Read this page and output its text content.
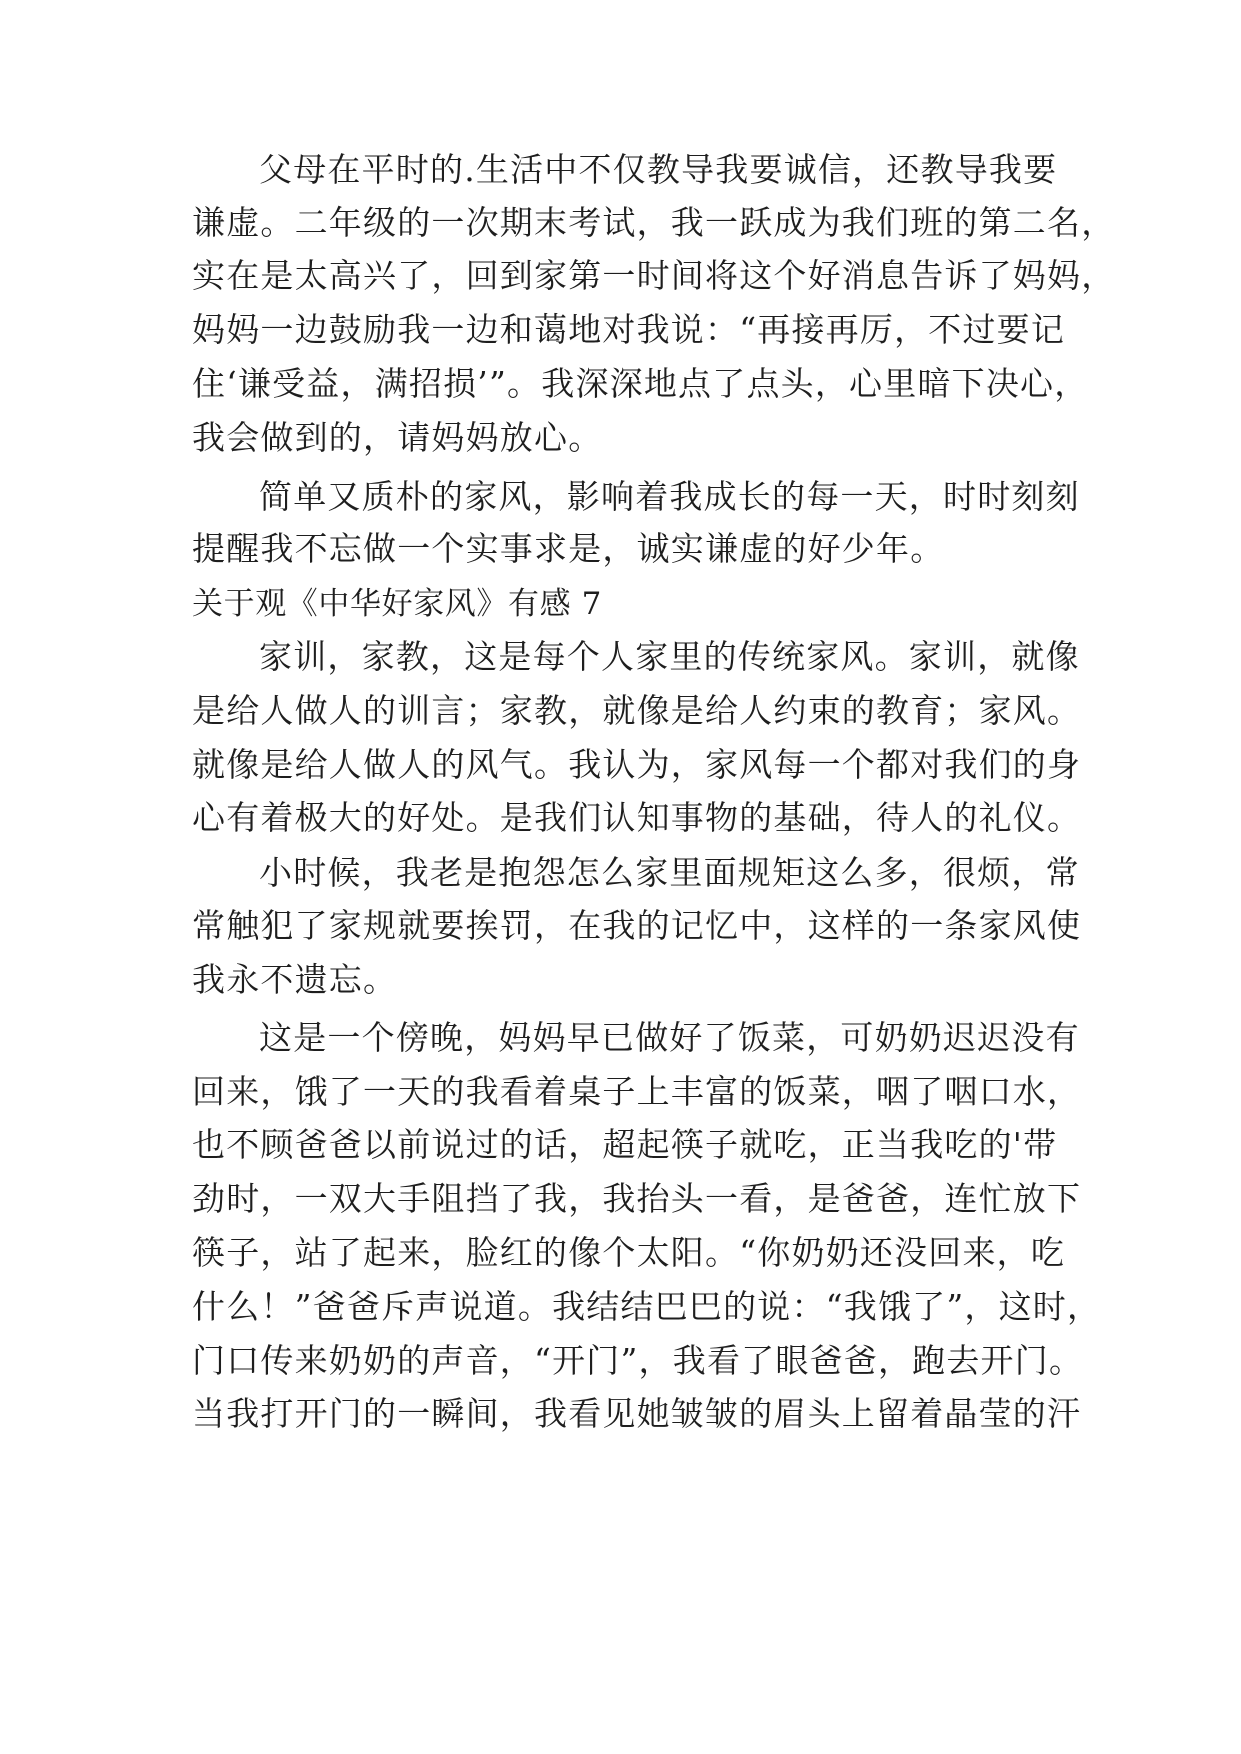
父母在平时的.生活中不仅教导我要诚信，还教导我要
谦虚。二年级的一次期末考试，我一跃成为我们班的第二名，
实在是太高兴了，回到家第一时间将这个好消息告诉了妈妈，
妈妈一边鼓励我一边和蔼地对我说：“再接再厉，不过要记
住‘谦受益，满招损’”。我深深地点了点头，心里暗下决心，
我会做到的，请妈妈放心。
简单又质朴的家风，影响着我成长的每一天，时时刻刻
提醒我不忘做一个实事求是，诚实谦虚的好少年。
关于观《中华好家风》有感 7
家训，家教，这是每个人家里的传统家风。家训，就像
是给人做人的训言；家教，就像是给人约束的教育；家风。
就像是给人做人的风气。我认为，家风每一个都对我们的身
心有着极大的好处。是我们认知事物的基础，待人的礼仪。
小时候，我老是抱怨怎么家里面规矩这么多，很烦，常
常触犯了家规就要挨罚，在我的记忆中，这样的一条家风使
我永不遗忘。
这是一个傍晚，妈妈早已做好了饭菜，可奶奶迟迟没有
回来，饿了一天的我看着桌子上丰富的饭菜，咽了咽口水，
也不顾爸爸以前说过的话，超起筷子就吃，正当我吃的'带
劲时，一双大手阻挡了我，我抬头一看，是爸爸，连忙放下
筷子，站了起来，脸红的像个太阳。“你奶奶还没回来，吃
什么！”爸爸斥声说道。我结结巴巴的说：“我饿了”，这时，
门口传来奶奶的声音，“开门”，我看了眼爸爸，跑去开门。
当我打开门的一瞬间，我看见她皱皱的眉头上留着晶莹的汗
